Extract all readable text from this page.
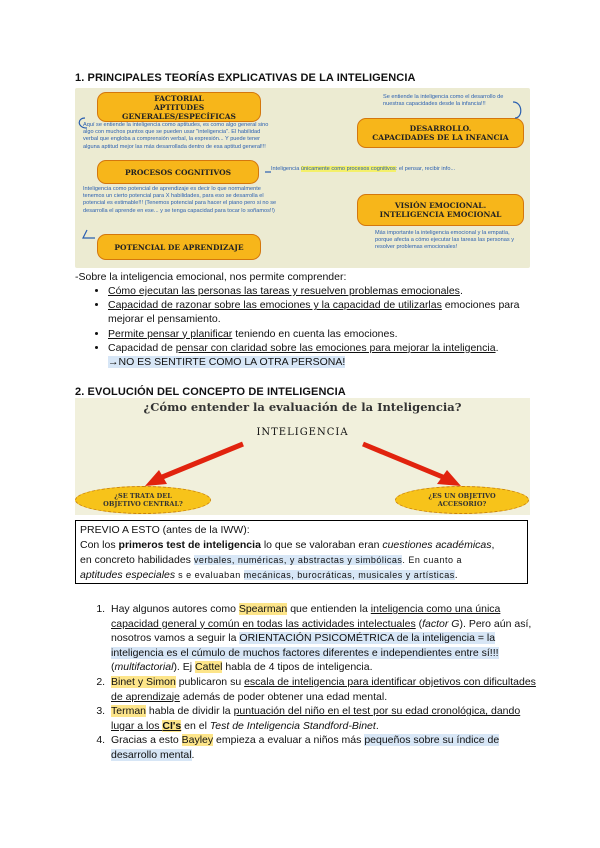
1. PRINCIPALES TEORÍAS EXPLICATIVAS DE LA INTELIGENCIA
FACTORIAL
APTITUDES
GENERALES/ESPECÍFICAS
Aquí se entiende la inteligencia como aptitudes, es como algo general sino algo con muchos puntos que se pueden usar "inteligencia". El habilidad verbal que engloba a comprensión verbal, la expresión... Y puede tener alguna aptitud mejor las más desarrollada dentro de esa aptitud general!!!
PROCESOS COGNITIVOS	Inteligencia únicamente como procesos cognitivos: el pensar, recibir info...
Inteligencia como potencial de aprendizaje es decir lo que normalmente tenemos un cierto potencial para X habilidades, para eso se desarrolla el potencial es estimable!!! (Tenemos potencial para hacer el piano pero si no se desarrolla el aprende en ese... y se tenga capacidad para tocar lo soñamos!!)
POTENCIAL DE APRENDIZAJE
Se entiende la inteligencia como el desarrollo de nuestras capacidades desde la infancia!!!
DESARROLLO.
CAPACIDADES DE LA INFANCIA
VISIÓN EMOCIONAL.
INTELIGENCIA EMOCIONAL
Más importante la inteligencia emocional y la empatía, porque afecta a cómo ejecutar las tareas las personas y resolver problemas emocionales!
-Sobre la inteligencia emocional, nos permite comprender:
• Cómo ejecutan las personas las tareas y resuelven problemas emocionales.
• Capacidad de razonar sobre las emociones y la capacidad de utilizarlas emociones para mejorar el pensamiento.
• Permite pensar y planificar teniendo en cuenta las emociones.
• Capacidad de pensar con claridad sobre las emociones para mejorar la inteligencia.
→NO ES SENTIRTE COMO LA OTRA PERSONA!
2. EVOLUCIÓN DEL CONCEPTO DE INTELIGENCIA
¿Cómo entender la evaluación de la Inteligencia?
INTELIGENCIA
¿SE TRATA DEL
OBJETIVO CENTRAL?
¿ES UN OBJETIVO
ACCESORIO?
PREVIO A ESTO (antes de la IWW):
Con los primeros test de inteligencia lo que se valoraban eran cuestiones académicas,
en concreto habilidades verbales, numéricas, y abstractas y simbólicas. En cuanto a
aptitudes especiales s e evaluaban mecánicas, burocráticas, musicales y artísticas.
1. Hay algunos autores como Spearman que entienden la inteligencia como una única capacidad general y común en todas las actividades intelectuales (factor G). Pero aún así, nosotros vamos a seguir la ORIENTACIÓN PSICOMÉTRICA de la inteligencia = la inteligencia es el cúmulo de muchos factores diferentes e independientes entre sí!!! (multifactorial). Ej Cattel habla de 4 tipos de inteligencia.
2. Binet y Simon publicaron su escala de inteligencia para identificar objetivos con dificultades de aprendizaje además de poder obtener una edad mental.
3. Terman habla de dividir la puntuación del niño en el test por su edad cronológica, dando lugar a los CI's en el Test de Inteligencia Standford-Binet.
4. Gracias a esto Bayley empieza a evaluar a niños más pequeños sobre su índice de desarrollo mental.
